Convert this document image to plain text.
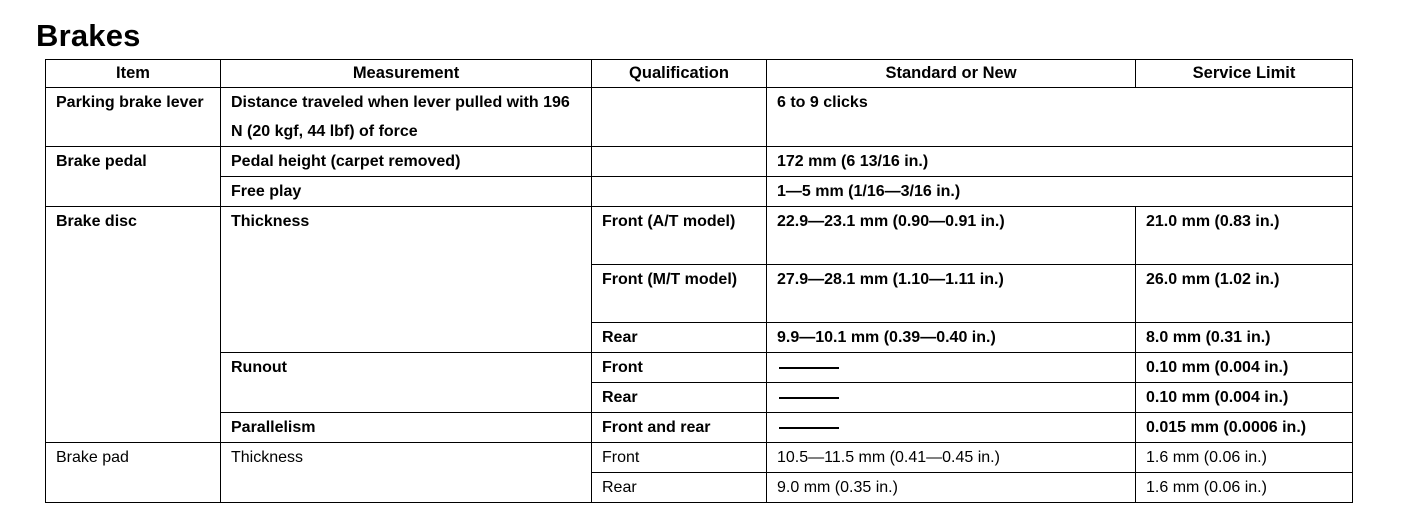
Brakes
Item	Measurement	Qualification	Standard or New	Service Limit
Parking brake lever	Distance traveled when lever pulled with 196 N (20 kgf, 44 lbf) of force		6 to 9 clicks	
Brake pedal	Pedal height (carpet removed)		172 mm (6 13/16 in.)	
	Free play		1—5 mm (1/16—3/16 in.)	
Brake disc	Thickness	Front (A/T model)	22.9—23.1 mm (0.90—0.91 in.)	21.0 mm (0.83 in.)
		Front (M/T model)	27.9—28.1 mm (1.10—1.11 in.)	26.0 mm (1.02 in.)
		Rear	9.9—10.1 mm (0.39—0.40 in.)	8.0 mm (0.31 in.)
	Runout	Front		0.10 mm (0.004 in.)
		Rear		0.10 mm (0.004 in.)
	Parallelism	Front and rear		0.015 mm (0.0006 in.)
Brake pad	Thickness	Front	10.5—11.5 mm (0.41—0.45 in.)	1.6 mm (0.06 in.)
		Rear	9.0 mm (0.35 in.)	1.6 mm (0.06 in.)
